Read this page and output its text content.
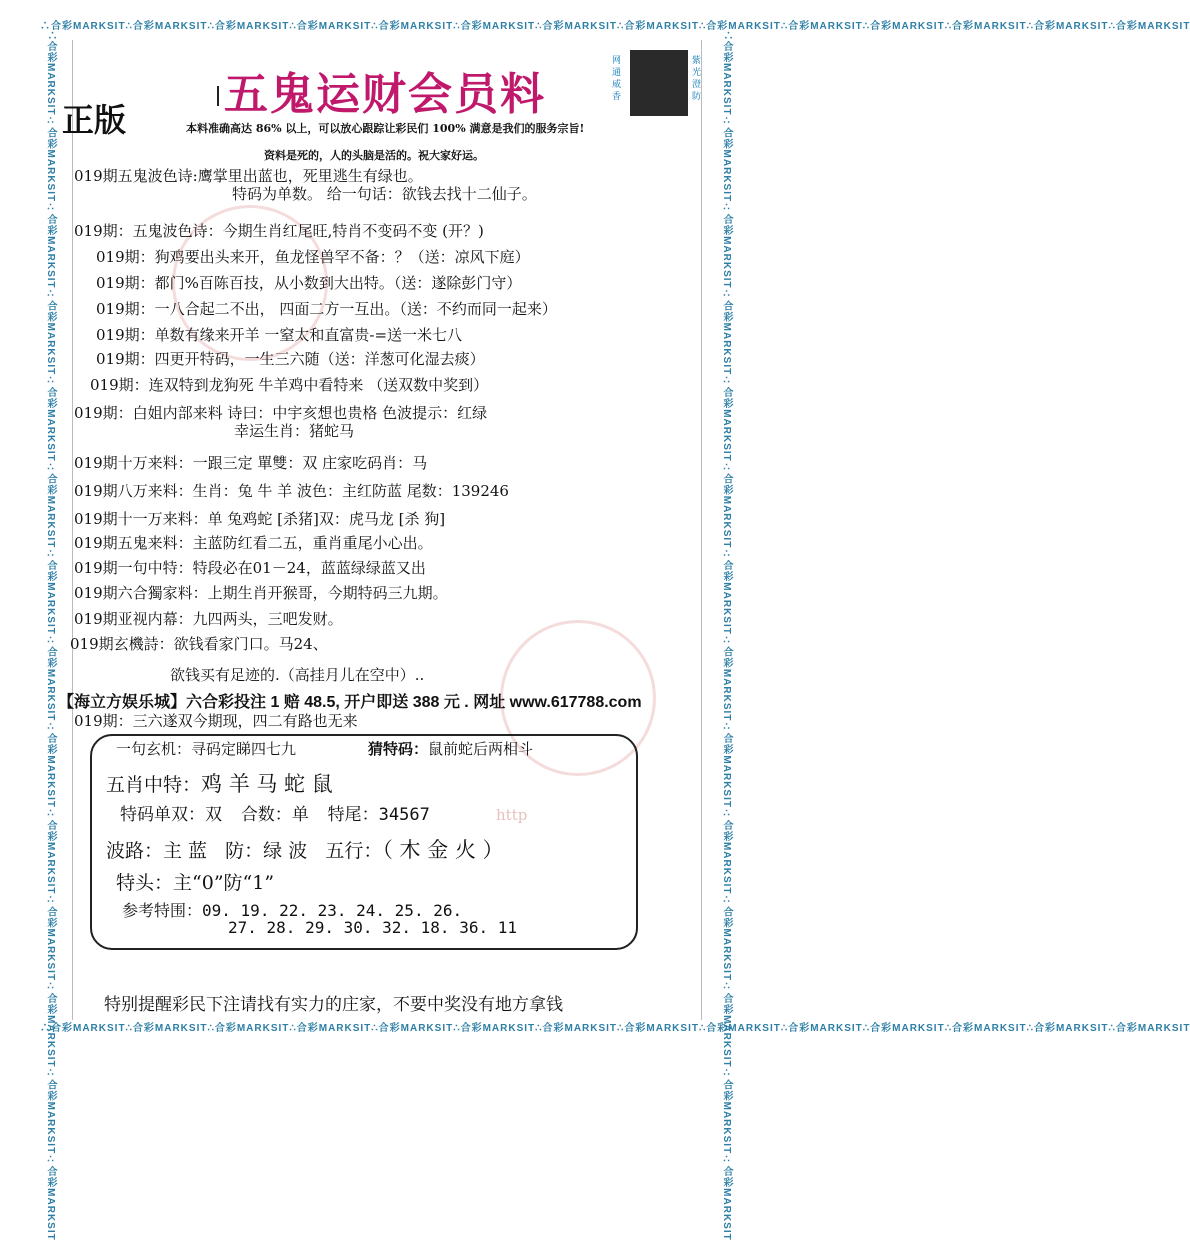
∴合彩MARKSIT∴合彩MARKSIT∴合彩MARKSIT∴合彩MARKSIT∴合彩MARKSIT∴合彩MARKSIT∴合彩MARKSIT∴合彩MARKSIT∴合彩MARKSIT∴合彩MARKSIT∴合彩MARKSIT∴合彩MARKSIT∴合彩MARKSIT∴合彩MARKSIT
∴合彩MARKSIT∴合彩MARKSIT∴合彩MARKSIT∴合彩MARKSIT∴合彩MARKSIT∴合彩MARKSIT∴合彩MARKSIT∴合彩MARKSIT∴合彩MARKSIT∴合彩MARKSIT∴合彩MARKSIT∴合彩MARKSIT∴合彩MARKSIT∴合彩MARKSIT
∴合彩MARKSIT∴合彩MARKSIT∴合彩MARKSIT∴合彩MARKSIT∴合彩MARKSIT∴合彩MARKSIT∴合彩MARKSIT∴合彩MARKSIT∴合彩MARKSIT∴合彩MARKSIT∴合彩MARKSIT∴合彩MARKSIT∴合彩MARKSIT∴合彩MARKSIT	∴合彩MARKSIT∴合彩MARKSIT∴合彩MARKSIT∴合彩MARKSIT∴合彩MARKSIT∴合彩MARKSIT∴合彩MARKSIT∴合彩MARKSIT∴合彩MARKSIT∴合彩MARKSIT∴合彩MARKSIT∴合彩MARKSIT∴合彩MARKSIT∴合彩MARKSIT
五鬼运财会员料
正版
网通威香
紫光澄防
本料准确高达 86% 以上，可以放心跟踪让彩民们 100% 满意是我们的服务宗旨!
资料是死的，人的头脑是活的。祝大家好运。
019期五鬼波色诗:鹰掌里出蓝也，死里逃生有绿也。
特码为单数。 给一句话：欲钱去找十二仙子。
019期：五鬼波色诗：今期生肖红尾旺,特肖不变码不变 (开？)
019期：狗鸡要出头来开，鱼龙怪兽罕不备：？（送：凉风下庭）
019期：都门%百陈百技，从小数到大出特。（送：遂除彭门守）
019期：一八合起二不出， 四面二方一互出。（送：不约而同一起来）
019期：单数有缘来开羊 一窒太和直富贵-=送一米七八
019期：四更开特码，一生三六随（送：洋葱可化湿去痰）
019期：连双特到龙狗死 牛羊鸡中看特来 （送双数中奖到）
019期：白姐内部来料 诗曰：中宇亥想也贵格 色波提示：红绿
幸运生肖：猪蛇马
019期十万来料：一跟三定 單雙：双 庄家吃码肖：马
019期八万来料：生肖：兔 牛 羊 波色：主红防蓝 尾数：139246
019期十一万来料：单 兔鸡蛇 [杀猪]双：虎马龙 [杀 狗]
019期五鬼来料：主蓝防红看二五，重肖重尾小心出。
019期一句中特：特段必在01－24，蓝蓝绿绿蓝又出
019期六合獨家料：上期生肖开猴哥，今期特码三九期。
019期亚视内幕：九四两头，三吧发财。
019期玄機詩：欲钱看家门口。马24、
欲钱买有足迹的.（高挂月儿在空中）..
【海立方娱乐城】六合彩投注 1 赔 48.5, 开户即送 388 元 . 网址 www.617788.com
019期：三六遂双今期现，四二有路也无来
一句玄机：寻码定睇四七九	猜特码：鼠前蛇后两相斗
五肖中特：鸡 羊 马 蛇 鼠
特码单双：双 合数：单 特尾：34567	http
波路：主 蓝 防：绿 波 五行：（ 木 金 火 ）
特头：主“0”防“1”
参考特围：09. 19. 22. 23. 24. 25. 26.
27. 28. 29. 30. 32. 18. 36. 11
特别提醒彩民下注请找有实力的庄家，不要中奖没有地方拿钱
